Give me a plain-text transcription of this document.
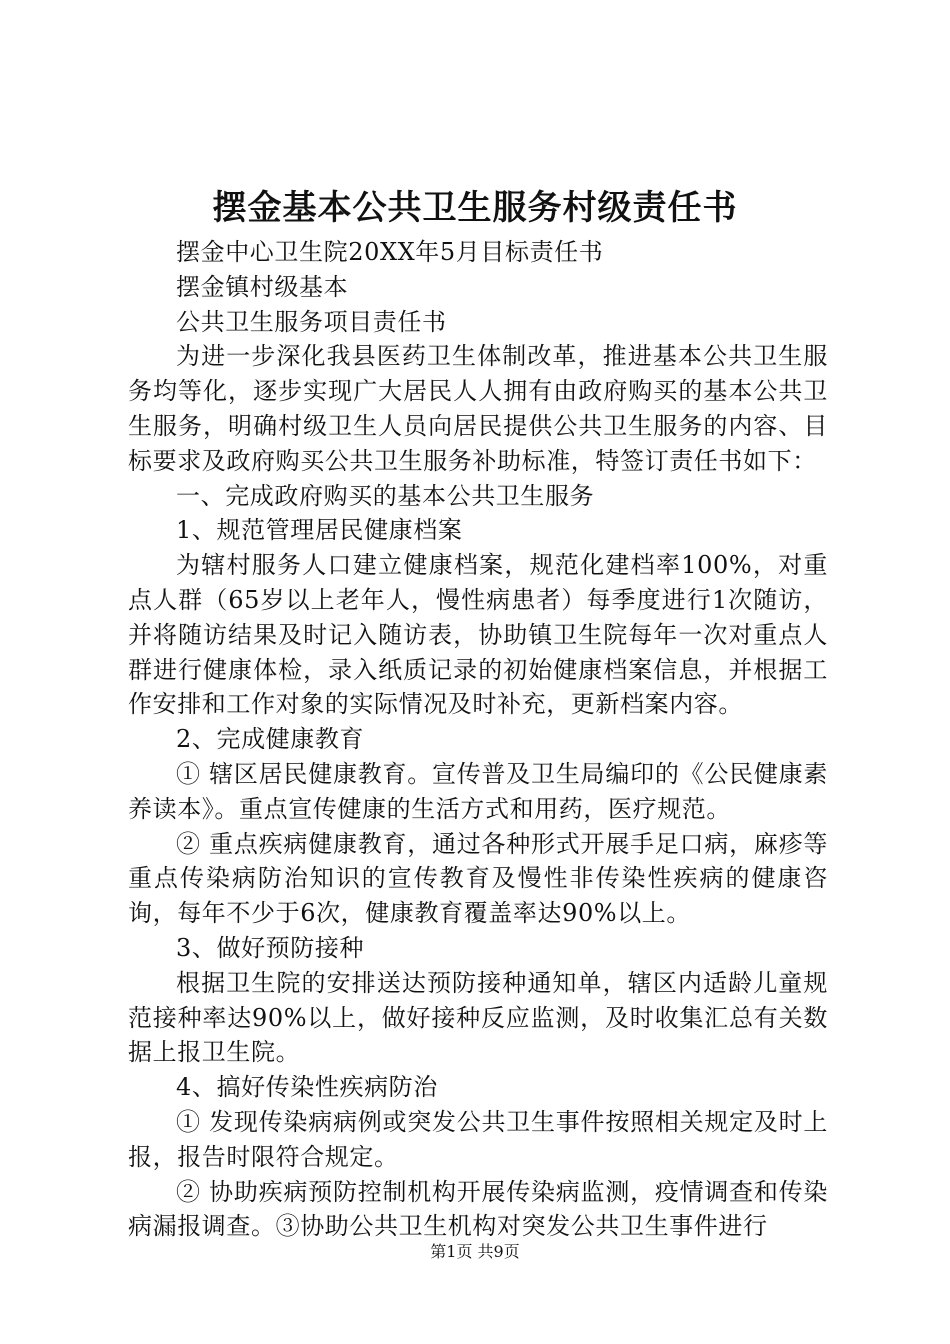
摆金基本公共卫生服务村级责任书

摆金中心卫生院20XX年5月目标责任书

摆金镇村级基本

公共卫生服务项目责任书

为进一步深化我县医药卫生体制改革，推进基本公共卫生服务均等化，逐步实现广大居民人人拥有由政府购买的基本公共卫生服务，明确村级卫生人员向居民提供公共卫生服务的内容、目标要求及政府购买公共卫生服务补助标准，特签订责任书如下：

一、完成政府购买的基本公共卫生服务

1、规范管理居民健康档案

为辖村服务人口建立健康档案，规范化建档率100%，对重点人群（65岁以上老年人，慢性病患者）每季度进行1次随访，并将随访结果及时记入随访表，协助镇卫生院每年一次对重点人群进行健康体检，录入纸质记录的初始健康档案信息，并根据工作安排和工作对象的实际情况及时补充，更新档案内容。

2、完成健康教育

① 辖区居民健康教育。宣传普及卫生局编印的《公民健康素养读本》。重点宣传健康的生活方式和用药，医疗规范。

② 重点疾病健康教育，通过各种形式开展手足口病，麻疹等重点传染病防治知识的宣传教育及慢性非传染性疾病的健康咨询，每年不少于6次，健康教育覆盖率达90%以上。

3、做好预防接种

根据卫生院的安排送达预防接种通知单，辖区内适龄儿童规范接种率达90%以上，做好接种反应监测，及时收集汇总有关数据上报卫生院。

4、搞好传染性疾病防治

① 发现传染病病例或突发公共卫生事件按照相关规定及时上报，报告时限符合规定。

② 协助疾病预防控制机构开展传染病监测，疫情调查和传染病漏报调查。③协助公共卫生机构对突发公共卫生事件进行

第1页 共9页
